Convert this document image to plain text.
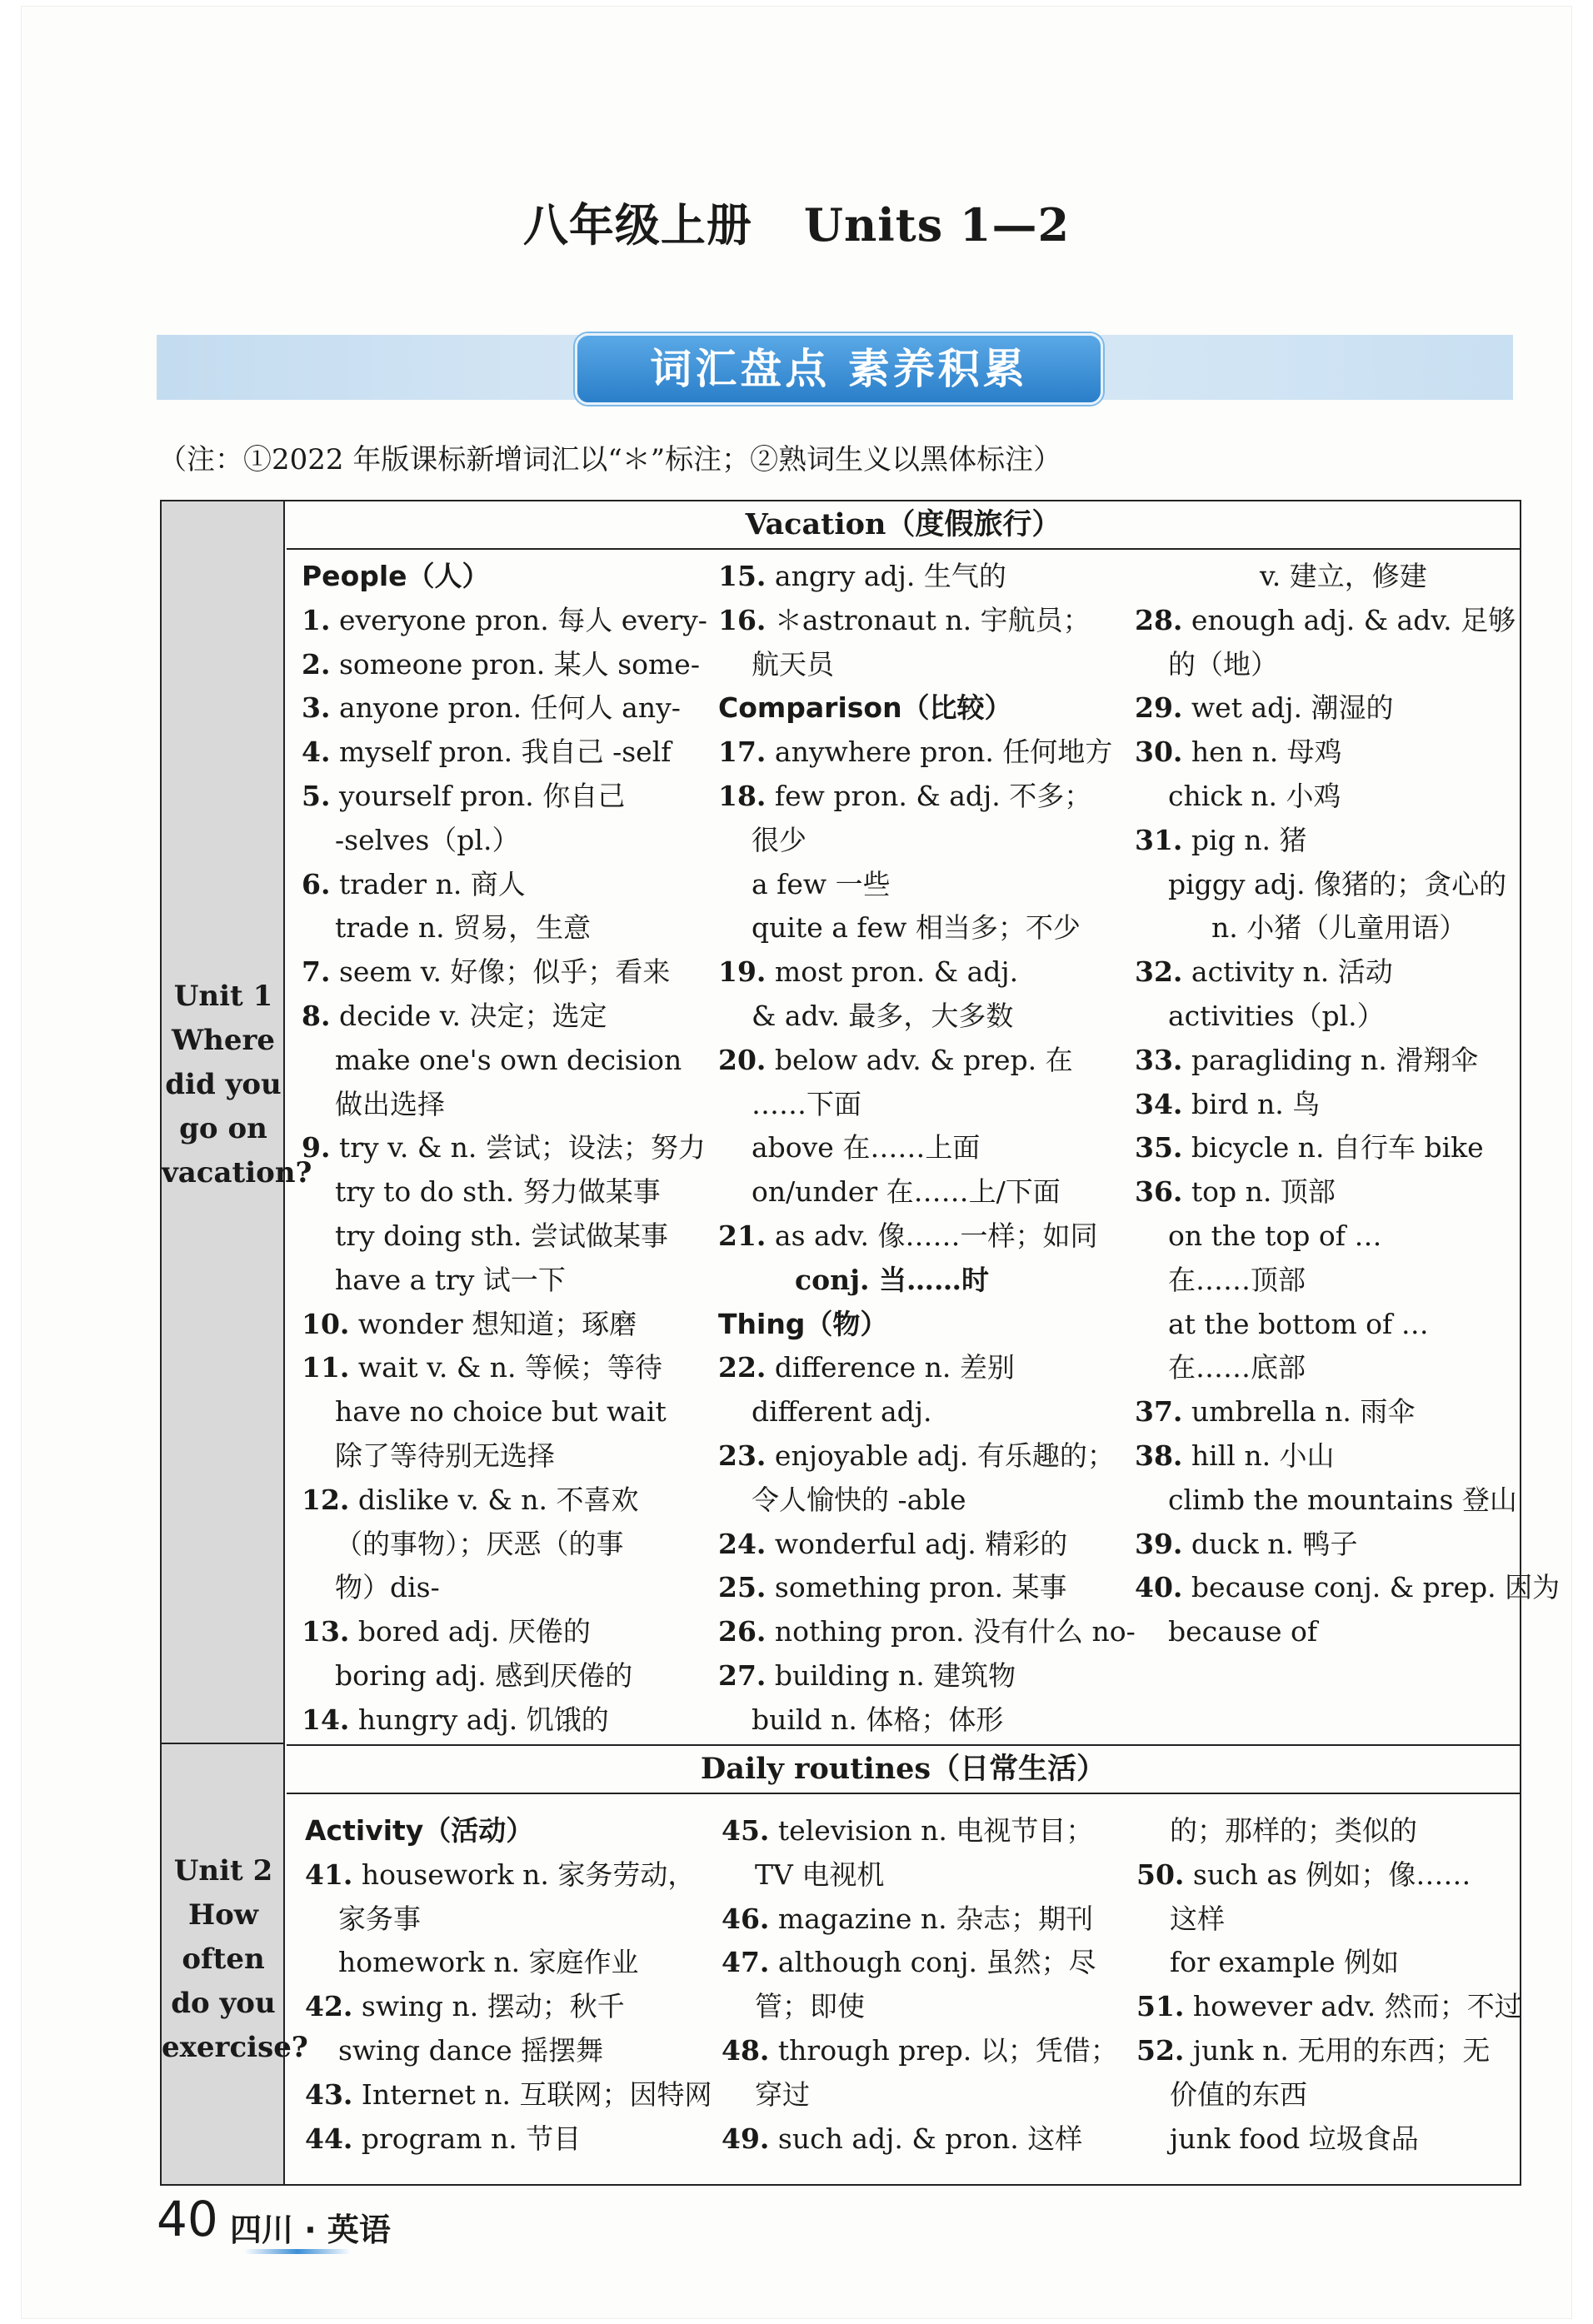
八年级上册 Units 1—2
词汇盘点 素养积累
（注：①2022 年版课标新增词汇以“＊”标注；②熟词生义以黑体标注）
Unit 1
Where
did you
go on
vacation?
Vacation（度假旅行）
Unit 2
How
often
do you
exercise?
Daily routines（日常生活）
People（人）
1. everyone pron. 每人 every-
2. someone pron. 某人 some-
3. anyone pron. 任何人 any-
4. myself pron. 我自己 -self
5. yourself pron. 你自己
-selves（pl.）
6. trader n. 商人
trade n. 贸易，生意
7. seem v. 好像；似乎；看来
8. decide v. 决定；选定
make one's own decision
做出选择
9. try v. & n. 尝试；设法；努力
try to do sth. 努力做某事
try doing sth. 尝试做某事
have a try 试一下
10. wonder 想知道；琢磨
11. wait v. & n. 等候；等待
have no choice but wait
除了等待别无选择
12. dislike v. & n. 不喜欢
（的事物）；厌恶（的事
物）dis-
13. bored adj. 厌倦的
boring adj. 感到厌倦的
14. hungry adj. 饥饿的
15. angry adj. 生气的
16. ＊astronaut n. 宇航员；
航天员
Comparison（比较）
17. anywhere pron. 任何地方
18. few pron. & adj. 不多；
很少
a few 一些
quite a few 相当多；不少
19. most pron. & adj.
& adv. 最多，大多数
20. below adv. & prep. 在
……下面
above 在……上面
on/under 在……上/下面
21. as adv. 像……一样；如同
conj. 当……时
Thing（物）
22. difference n. 差别
different adj.
23. enjoyable adj. 有乐趣的；
令人愉快的 -able
24. wonderful adj. 精彩的
25. something pron. 某事
26. nothing pron. 没有什么 no-
27. building n. 建筑物
build n. 体格；体形
v. 建立，修建
28. enough adj. & adv. 足够
的（地）
29. wet adj. 潮湿的
30. hen n. 母鸡
chick n. 小鸡
31. pig n. 猪
piggy adj. 像猪的；贪心的
n. 小猪（儿童用语）
32. activity n. 活动
activities（pl.）
33. paragliding n. 滑翔伞
34. bird n. 鸟
35. bicycle n. 自行车 bike
36. top n. 顶部
on the top of …
在……顶部
at the bottom of …
在……底部
37. umbrella n. 雨伞
38. hill n. 小山
climb the mountains 登山
39. duck n. 鸭子
40. because conj. & prep. 因为
because of
Activity（活动）
41. housework n. 家务劳动，
家务事
homework n. 家庭作业
42. swing n. 摆动；秋千
swing dance 摇摆舞
43. Internet n. 互联网；因特网
44. program n. 节目
45. television n. 电视节目；
TV 电视机
46. magazine n. 杂志；期刊
47. although conj. 虽然；尽
管；即使
48. through prep. 以；凭借；
穿过
49. such adj. & pron. 这样
的；那样的；类似的
50. such as 例如；像……
这样
for example 例如
51. however adv. 然而；不过
52. junk n. 无用的东西；无
价值的东西
junk food 垃圾食品
40 四川 · 英语
